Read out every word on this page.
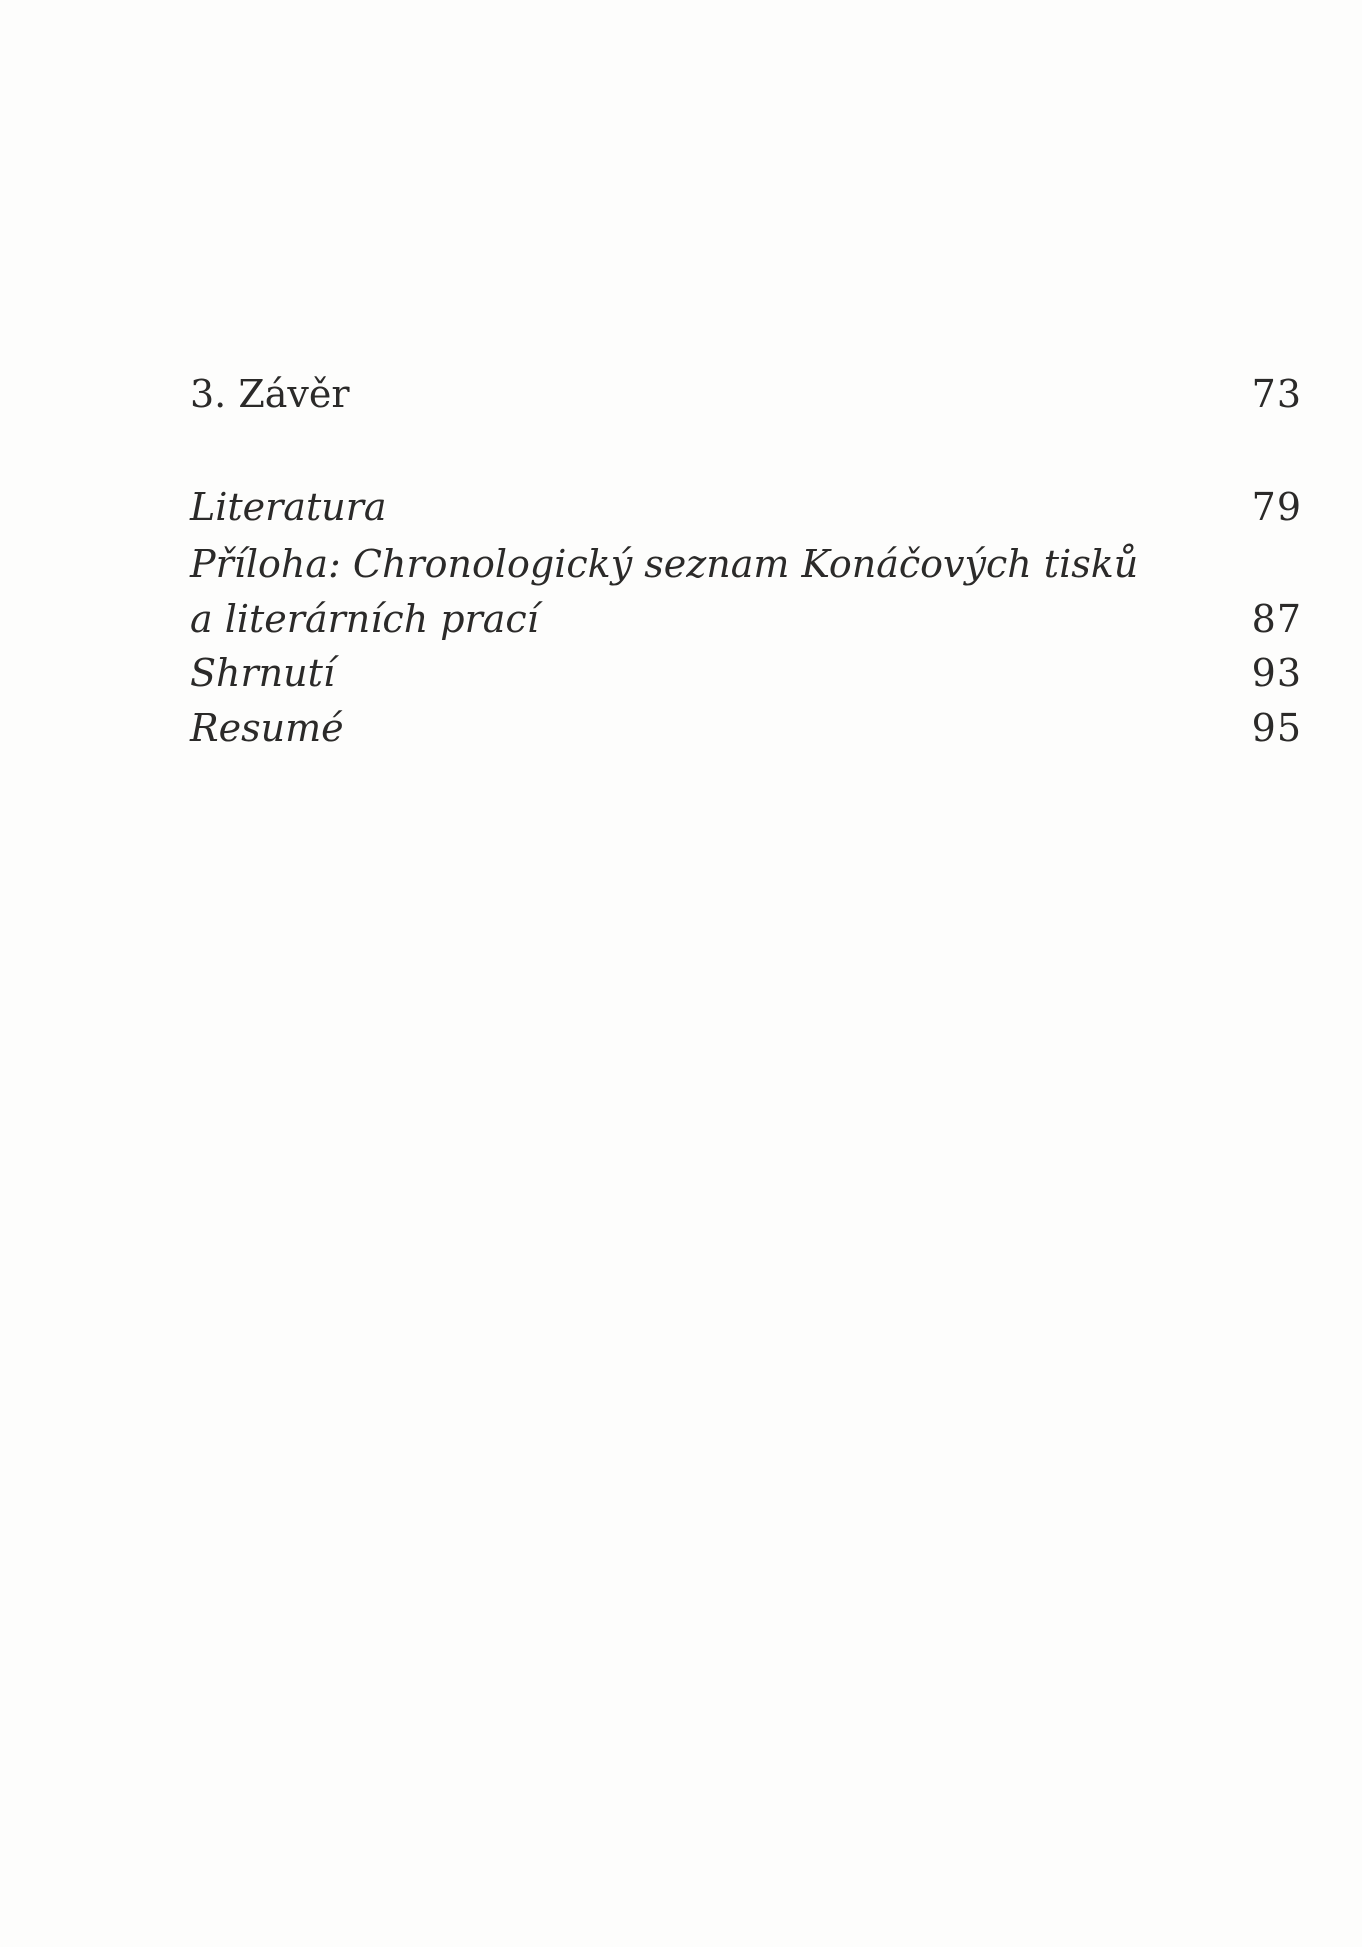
3. Závěr	73
Literatura	79
Příloha: Chronologický seznam Konáčových tisků
a literárních prací	87
Shrnutí	93
Resumé	95
